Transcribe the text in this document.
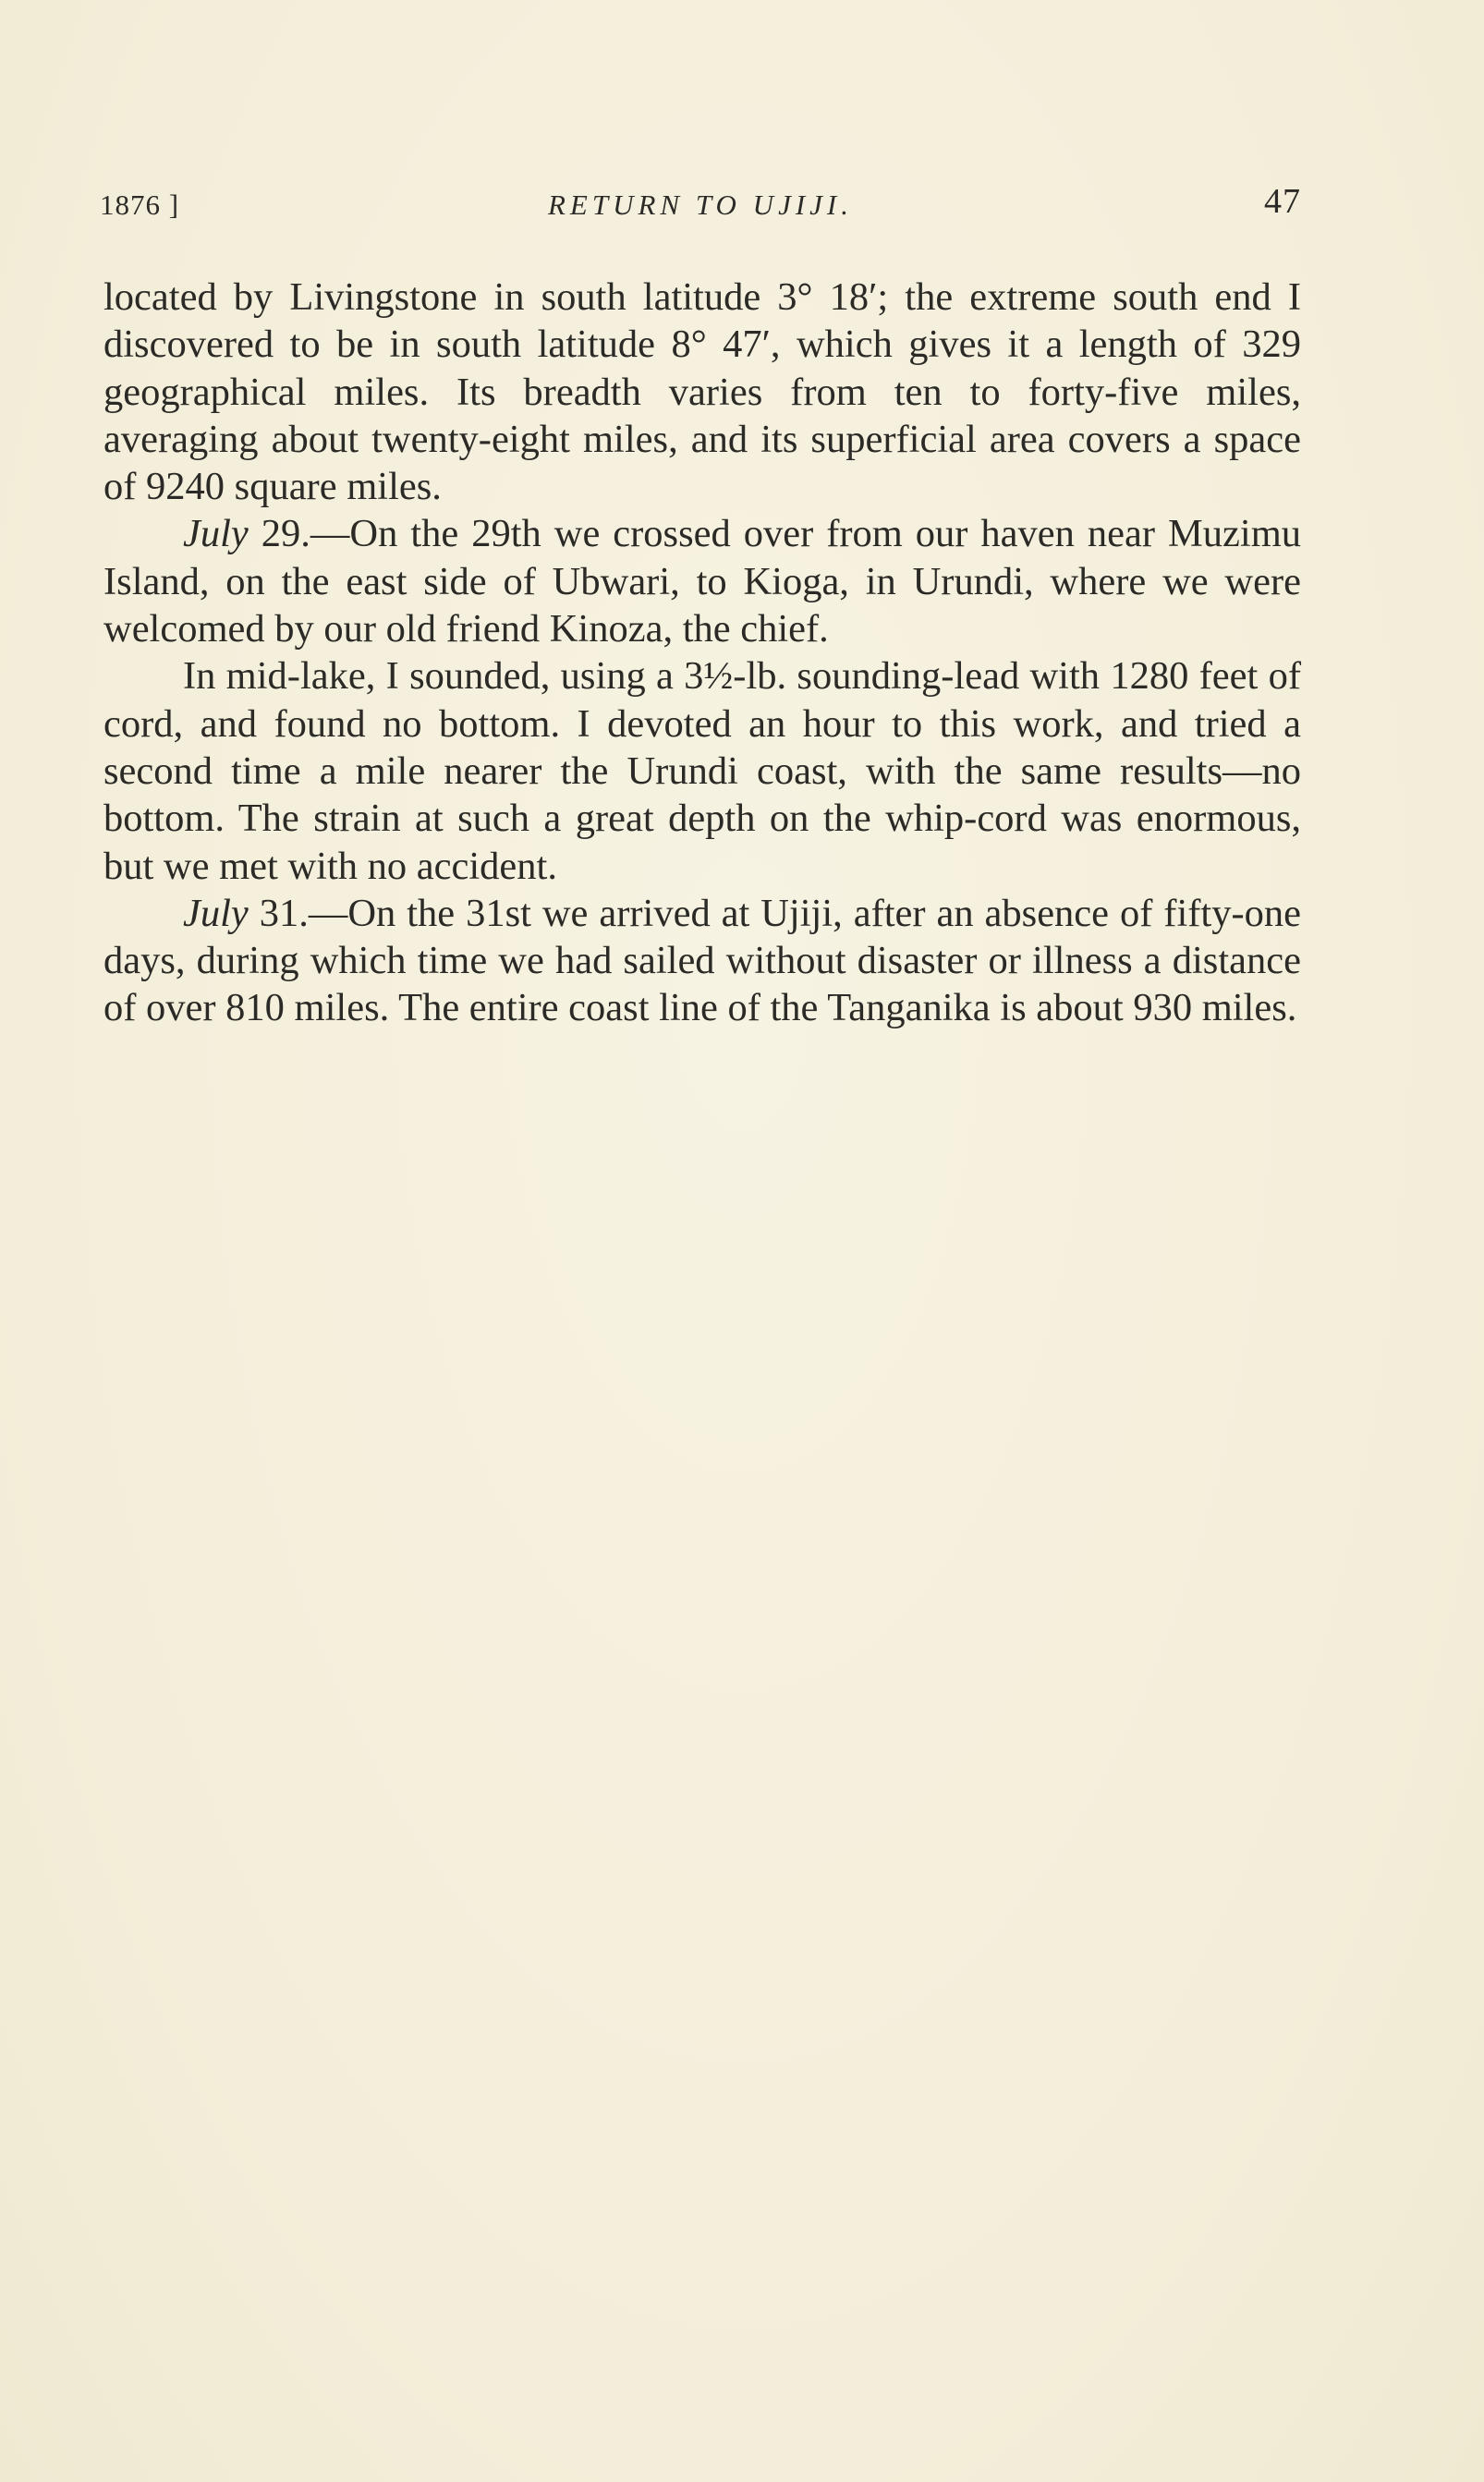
1876 ]	RETURN TO UJIJI.	47

located by Livingstone in south latitude 3° 18′; the extreme south end I discovered to be in south latitude 8° 47′, which gives it a length of 329 geographical miles. Its breadth varies from ten to forty-five miles, averaging about twenty-eight miles, and its superficial area covers a space of 9240 square miles.

July 29.—On the 29th we crossed over from our haven near Muzimu Island, on the east side of Ubwari, to Kioga, in Urundi, where we were welcomed by our old friend Kinoza, the chief.

In mid-lake, I sounded, using a 3½-lb. sounding-lead with 1280 feet of cord, and found no bottom. I devoted an hour to this work, and tried a second time a mile nearer the Urundi coast, with the same results—no bottom. The strain at such a great depth on the whip-cord was enormous, but we met with no accident.

July 31.—On the 31st we arrived at Ujiji, after an absence of fifty-one days, during which time we had sailed without disaster or illness a distance of over 810 miles. The entire coast line of the Tanganika is about 930 miles.
